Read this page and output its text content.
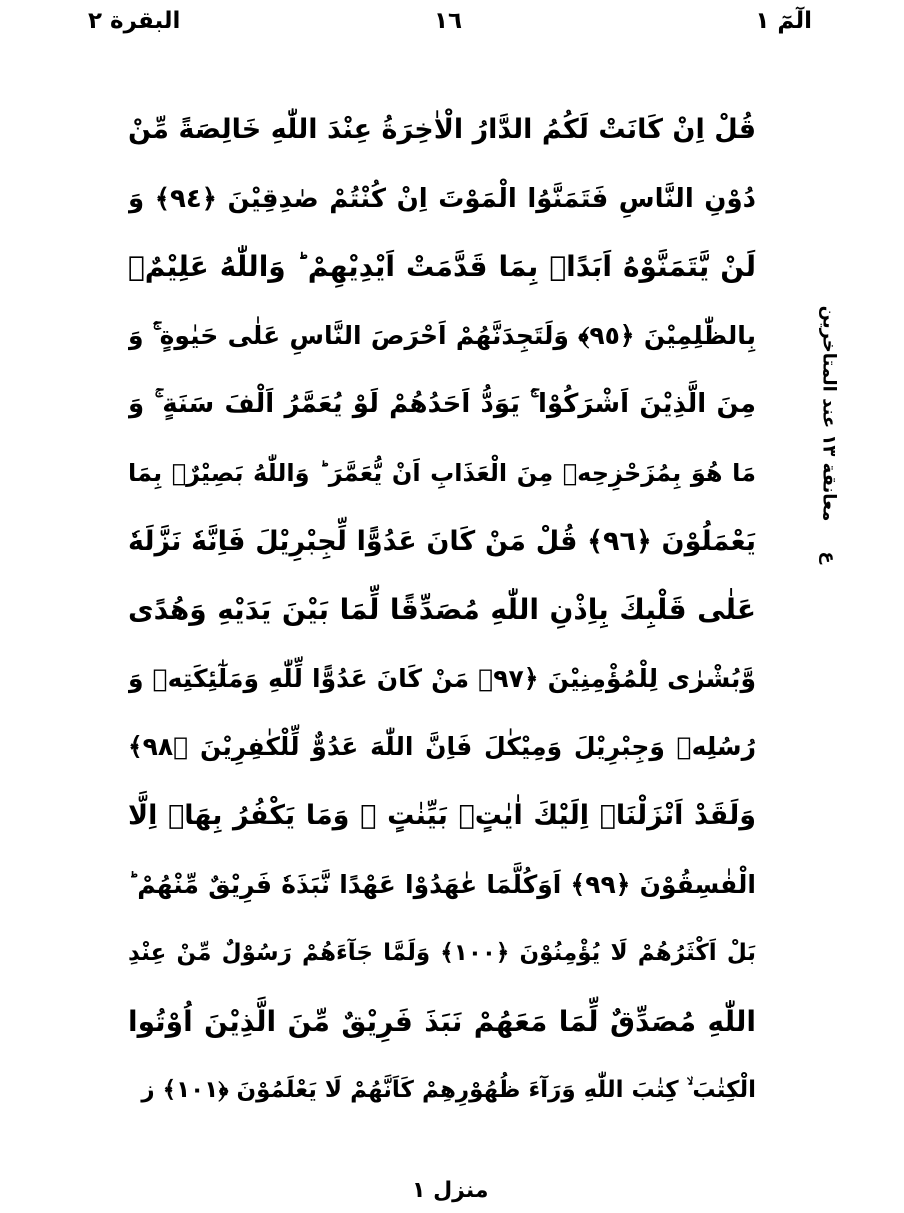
الٓمٓ ١
١٦
البقرة ٢
قُلْ اِنْ كَانَتْ لَكُمُ الدَّارُ الْاٰخِرَةُ عِنْدَ اللّٰهِ خَالِصَةً مِّنْ
دُوْنِ النَّاسِ فَتَمَنَّوُا الْمَوْتَ اِنْ كُنْتُمْ صٰدِقِیْنَ ﴿٩٤﴾ وَ
لَنْ یَّتَمَنَّوْهُ اَبَدًاۢ بِمَا قَدَّمَتْ اَیْدِیْهِمْ ؕ وَاللّٰهُ عَلِیْمٌۢ
بِالظّٰلِمِیْنَ ﴿٩٥﴾ وَلَتَجِدَنَّهُمْ اَحْرَصَ النَّاسِ عَلٰى حَیٰوةٍ ۚۛ وَ
مِنَ الَّذِیْنَ اَشْرَكُوْا ۚۛ یَوَدُّ اَحَدُهُمْ لَوْ یُعَمَّرُ اَلْفَ سَنَةٍ ۚ وَ
مَا هُوَ بِمُزَحْزِحِهٖ مِنَ الْعَذَابِ اَنْ یُّعَمَّرَ ؕ وَاللّٰهُ بَصِیْرٌۢ بِمَا
یَعْمَلُوْنَ ﴿٩٦﴾ قُلْ مَنْ كَانَ عَدُوًّا لِّجِبْرِیْلَ فَاِنَّهٗ نَزَّلَهٗ
عَلٰى قَلْبِكَ بِاِذْنِ اللّٰهِ مُصَدِّقًا لِّمَا بَیْنَ یَدَیْهِ وَهُدًى
وَّبُشْرٰى لِلْمُؤْمِنِیْنَ ﴿٩٧﴾ مَنْ كَانَ عَدُوًّا لِّلّٰهِ وَمَلٰٓئِكَتِهٖ وَ
رُسُلِهٖ وَجِبْرِیْلَ وَمِیْكٰلَ فَاِنَّ اللّٰهَ عَدُوٌّ لِّلْكٰفِرِیْنَ ﴿٩٨﴾
وَلَقَدْ اَنْزَلْنَاۤ اِلَیْكَ اٰیٰتٍۭ بَیِّنٰتٍ ۚ وَمَا یَكْفُرُ بِهَاۤ اِلَّا
الْفٰسِقُوْنَ ﴿٩٩﴾ اَوَكُلَّمَا عٰهَدُوْا عَهْدًا نَّبَذَهٗ فَرِیْقٌ مِّنْهُمْ ؕ
بَلْ اَكْثَرُهُمْ لَا یُؤْمِنُوْنَ ﴿١٠٠﴾ وَلَمَّا جَآءَهُمْ رَسُوْلٌ مِّنْ عِنْدِ
اللّٰهِ مُصَدِّقٌ لِّمَا مَعَهُمْ نَبَذَ فَرِیْقٌ مِّنَ الَّذِیْنَ اُوْتُوا
الْكِتٰبَ ۙ كِتٰبَ اللّٰهِ وَرَآءَ ظُهُوْرِهِمْ كَاَنَّهُمْ لَا یَعْلَمُوْنَ ﴿١٠١﴾ ز
معانقة ١٣ عند المتاخرین
ع
منزل ١
